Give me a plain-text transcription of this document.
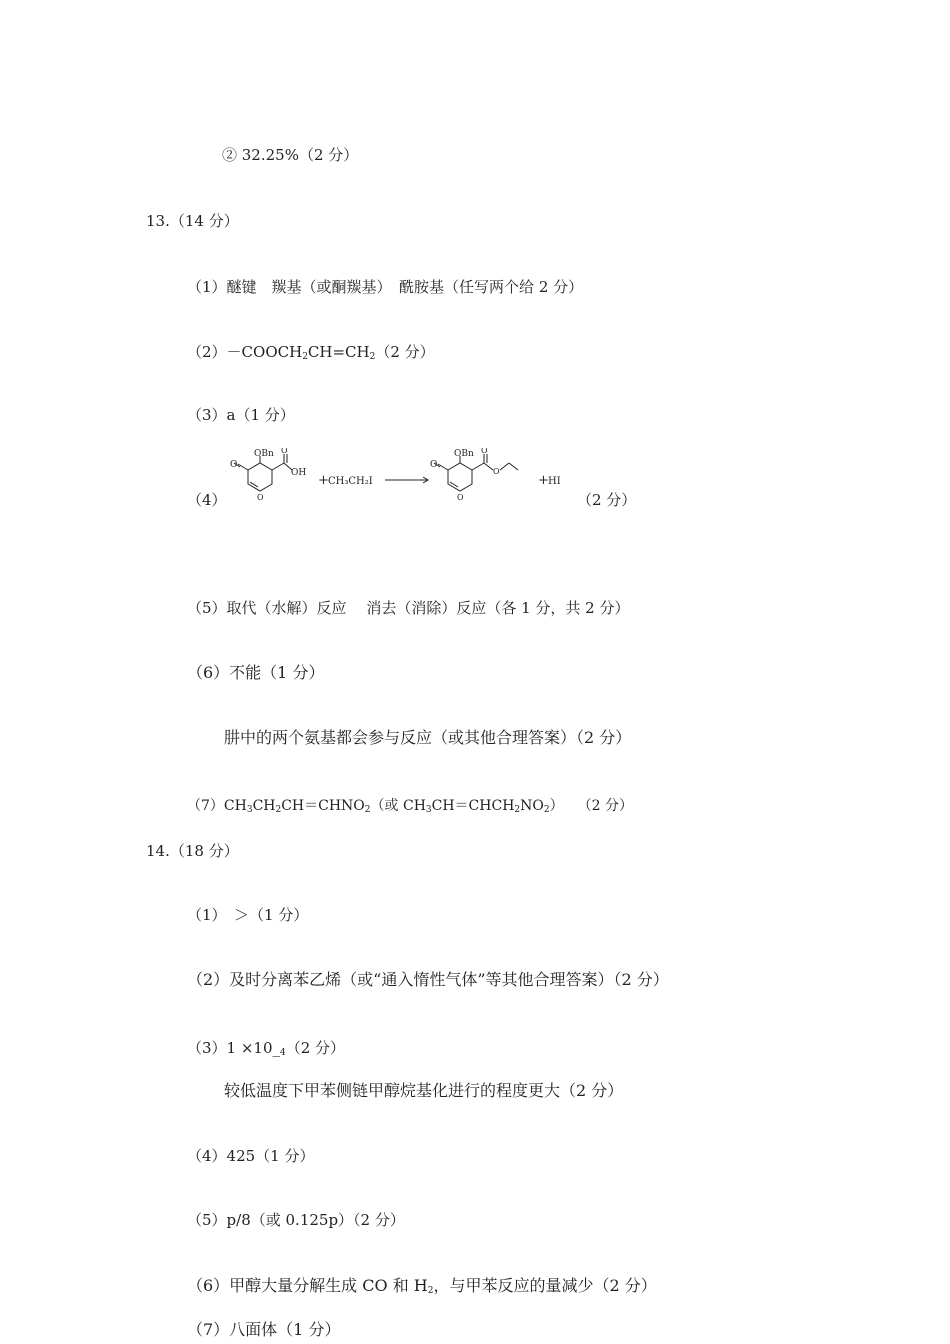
② 32.25%（2 分）
13.（14 分）
（1）醚键　羰基（或酮羰基）　酰胺基（任写两个给 2 分）
$(2)-COOCH_2CH=CH_2(2$ 分）
（3）a（1 分）
（4）
O
OBn O
OH
O
+ CH₃CH₂I
O
OBn O
O
O
+ HI
（2 分）
（5）取代（水解）反应　 消去（消除）反应（各 1 分，共 2 分）
（6）不能（1 分）
肼中的两个氨基都会参与反应（或其他合理答案）（2 分）
$(7)CH_3CH_2CH=CHNO_2$（或 $CH_3CH=CHCH_2NO_2$）　　（2 分）
14.（18 分）
（1）　＞（1 分）
（2）及时分离苯乙烯（或“通入惰性气体”等其他合理答案）（2 分）
$(3)1 \times 10\__4(2$ 分）
较低温度下甲苯侧链甲醇烷基化进行的程度更大（2 分）
（4）425（1 分）
（5）p/8（或 0.125p）（2 分）
（6）甲醇大量分解生成 CO 和 $H_2$，与甲苯反应的量减少（2 分）
（7）八面体（1 分）
